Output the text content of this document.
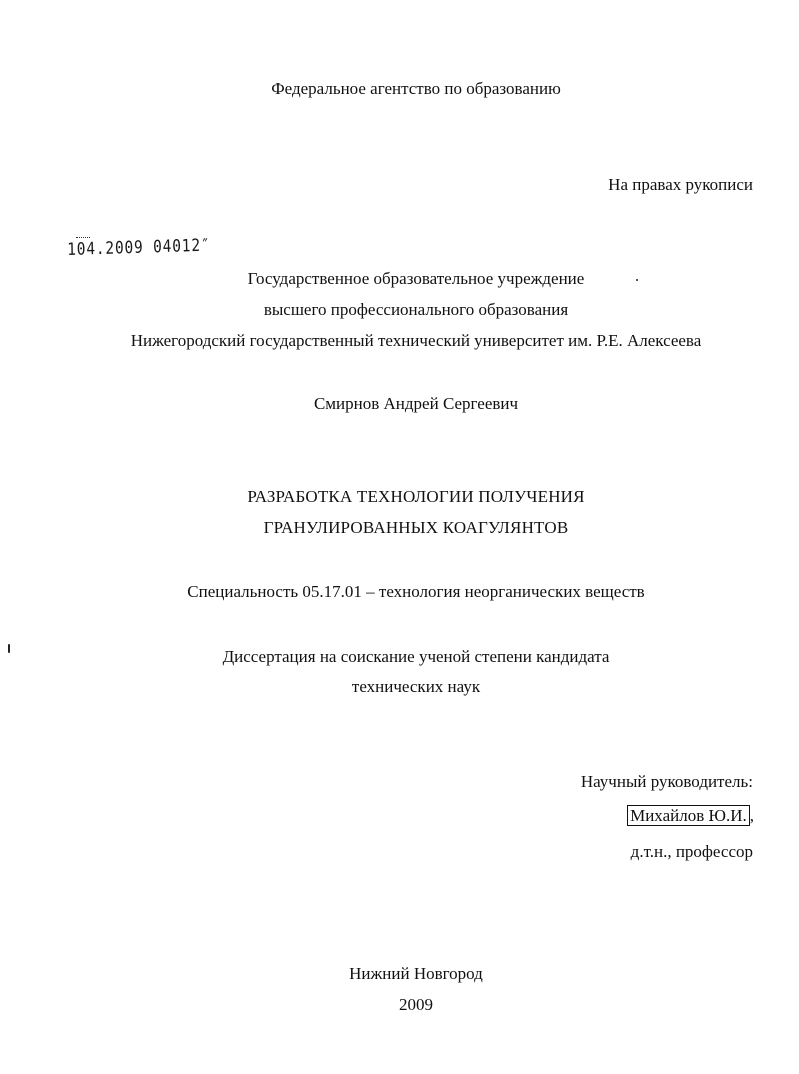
Федеральное агентство по образованию
На правах рукописи
104.2009 04012″
Государственное образовательное учреждение
высшего профессионального образования
Нижегородский государственный технический университет им. Р.Е. Алексеева
Смирнов Андрей Сергеевич
РАЗРАБОТКА ТЕХНОЛОГИИ ПОЛУЧЕНИЯ
ГРАНУЛИРОВАННЫХ КОАГУЛЯНТОВ
Специальность 05.17.01 – технология неорганических веществ
Диссертация на соискание ученой степени кандидата
технических наук
Научный руководитель:
Михайлов Ю.И. ,
д.т.н., профессор
Нижний Новгород
2009
